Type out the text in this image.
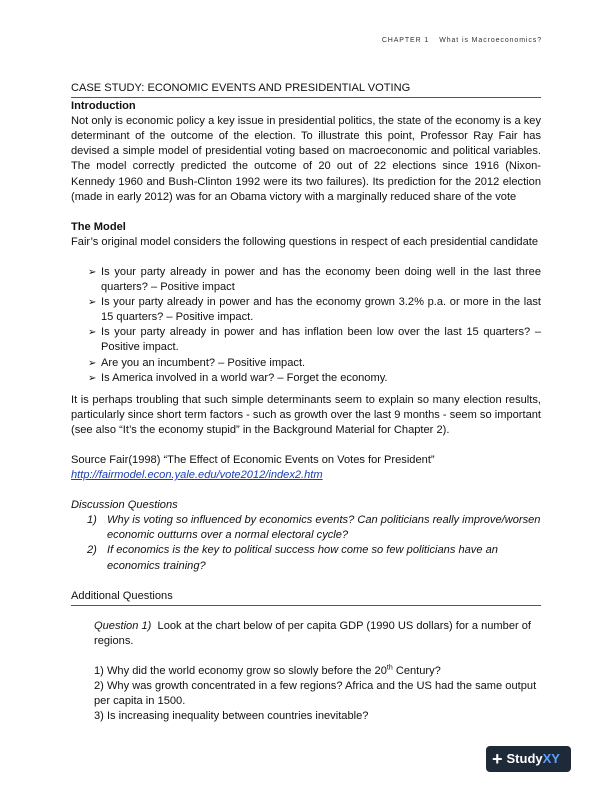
CHAPTER 1 What is Macroeconomics?
CASE STUDY: ECONOMIC EVENTS AND PRESIDENTIAL VOTING
Introduction

Not only is economic policy a key issue in presidential politics, the state of the economy is a key determinant of the outcome of the election. To illustrate this point, Professor Ray Fair has devised a simple model of presidential voting based on macroeconomic and political variables. The model correctly predicted the outcome of 20 out of 22 elections since 1916 (Nixon-Kennedy 1960 and Bush-Clinton 1992 were its two failures). Its prediction for the 2012 election (made in early 2012) was for an Obama victory with a marginally reduced share of the vote

The Model

Fair’s original model considers the following questions in respect of each presidential candidate

➢ Is your party already in power and has the economy been doing well in the last three quarters? – Positive impact
➢ Is your party already in power and has the economy grown 3.2% p.a. or more in the last 15 quarters? – Positive impact.
➢ Is your party already in power and has inflation been low over the last 15 quarters? – Positive impact.
➢ Are you an incumbent? – Positive impact.
➢ Is America involved in a world war? – Forget the economy.

It is perhaps troubling that such simple determinants seem to explain so many election results, particularly since short term factors - such as growth over the last 9 months - seem so important (see also “It’s the economy stupid” in the Background Material for Chapter 2).

Source Fair(1998) “The Effect of Economic Events on Votes for President”

http://fairmodel.econ.yale.edu/vote2012/index2.htm

Discussion Questions

1) Why is voting so influenced by economics events? Can politicians really improve/worsen economic outturns over a normal electoral cycle?
2) If economics is the key to political success how come so few politicians have an economics training?
Additional Questions

Question 1) Look at the chart below of per capita GDP (1990 US dollars) for a number of regions.

1) Why did the world economy grow so slowly before the 20th Century?

2) Why was growth concentrated in a few regions? Africa and the US had the same output per capita in 1500.

3) Is increasing inequality between countries inevitable?

+ StudyXY
